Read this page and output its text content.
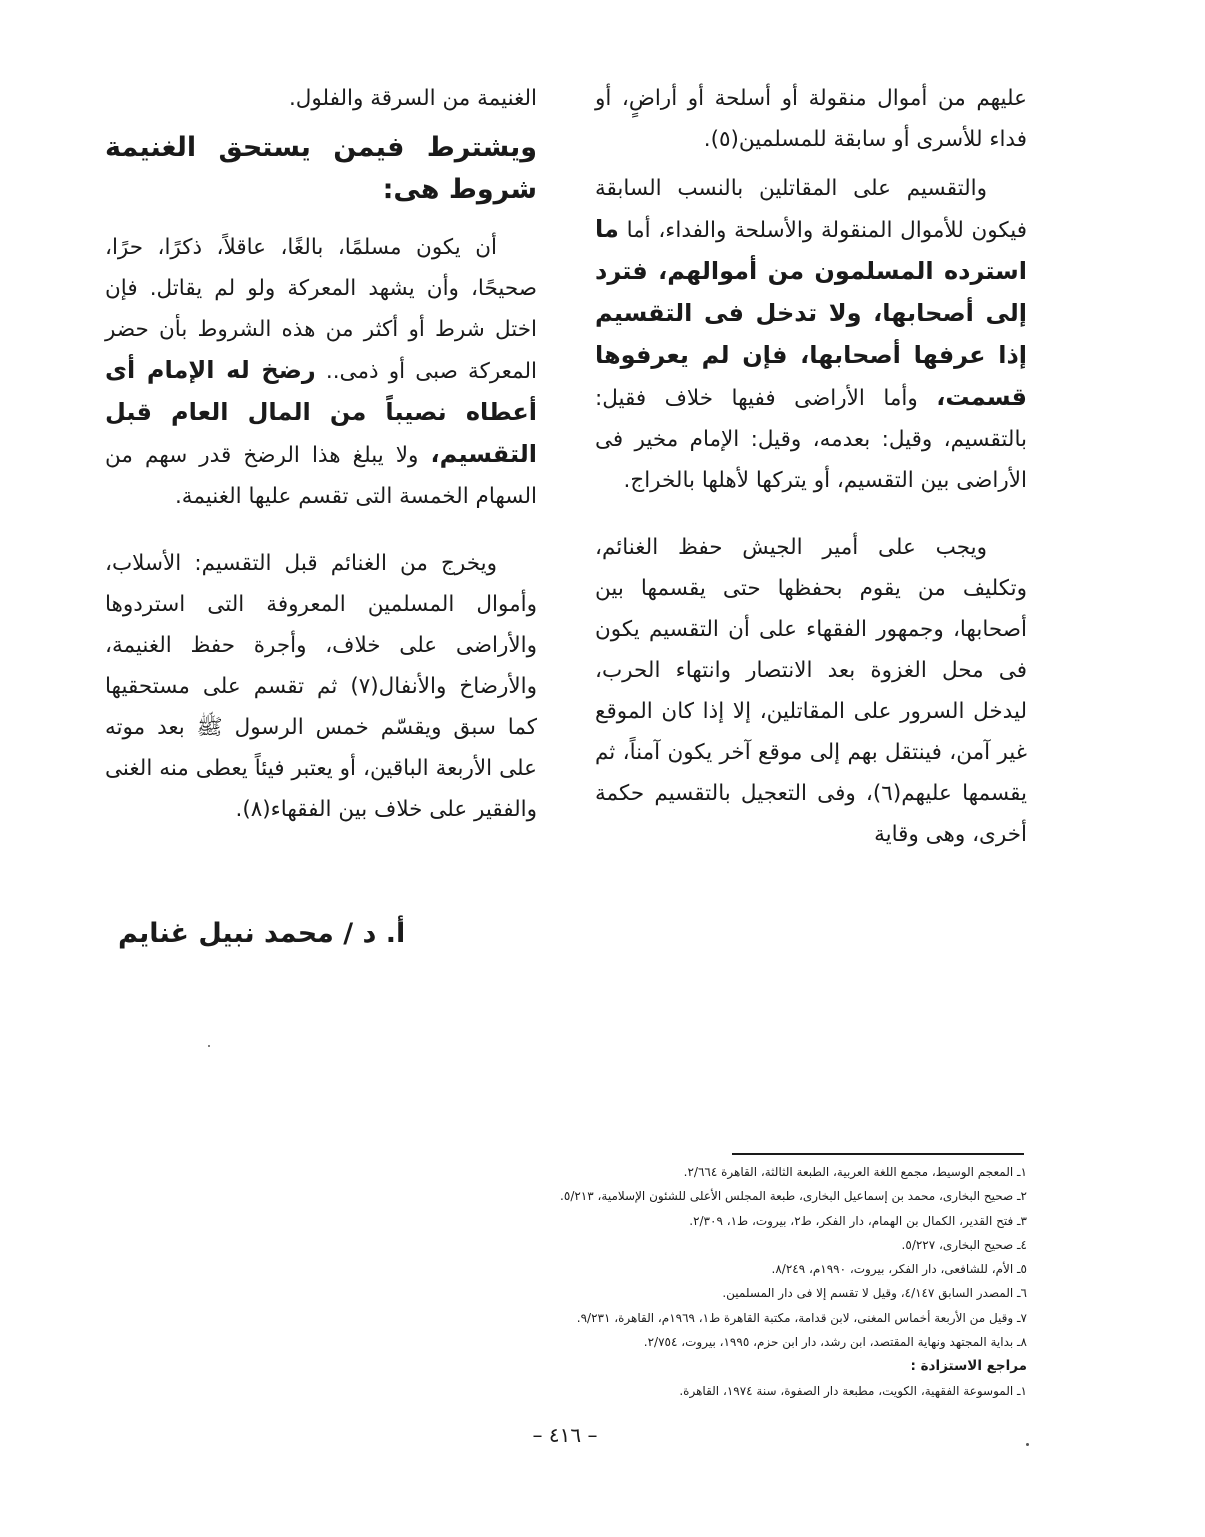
عليهم من أموال منقولة أو أسلحة أو أراضٍ، أو فداء للأسرى أو سابقة للمسلمين(٥).

والتقسيم على المقاتلين بالنسب السابقة فيكون للأموال المنقولة والأسلحة والفداء، أما ما استرده المسلمون من أموالهم، فترد إلى أصحابها، ولا تدخل فى التقسيم إذا عرفها أصحابها، فإن لم يعرفوها قسمت، وأما الأراضى ففيها خلاف فقيل: بالتقسيم، وقيل: بعدمه، وقيل: الإمام مخير فى الأراضى بين التقسيم، أو يتركها لأهلها بالخراج.

ويجب على أمير الجيش حفظ الغنائم، وتكليف من يقوم بحفظها حتى يقسمها بين أصحابها، وجمهور الفقهاء على أن التقسيم يكون فى محل الغزوة بعد الانتصار وانتهاء الحرب، ليدخل السرور على المقاتلين، إلا إذا كان الموقع غير آمن، فينتقل بهم إلى موقع آخر يكون آمناً، ثم يقسمها عليهم(٦)، وفى التعجيل بالتقسيم حكمة أخرى، وهى وقاية

الغنيمة من السرقة والفلول.

ويشترط فيمن يستحق الغنيمة شروط هى:

أن يكون مسلمًا، بالغًا، عاقلاً، ذكرًا، حرًا، صحيحًا، وأن يشهد المعركة ولو لم يقاتل. فإن اختل شرط أو أكثر من هذه الشروط بأن حضر المعركة صبى أو ذمى.. رضخ له الإمام أى أعطاه نصيباً من المال العام قبل التقسيم، ولا يبلغ هذا الرضخ قدر سهم من السهام الخمسة التى تقسم عليها الغنيمة.

ويخرج من الغنائم قبل التقسيم: الأسلاب، وأموال المسلمين المعروفة التى استردوها والأراضى على خلاف، وأجرة حفظ الغنيمة، والأرضاخ والأنفال(٧) ثم تقسم على مستحقيها كما سبق ويقسّم خمس الرسول ﷺ بعد موته على الأربعة الباقين، أو يعتبر فيئاً يعطى منه الغنى والفقير على خلاف بين الفقهاء(٨).

أ. د / محمد نبيل غنايم
١ـ المعجم الوسيط، مجمع اللغة العربية، الطبعة الثالثة، القاهرة ٢/٦٦٤.
٢ـ صحيح البخارى، محمد بن إسماعيل البخارى، طبعة المجلس الأعلى للشئون الإسلامية، ٥/٢١٣.
٣ـ فتح القدير، الكمال بن الهمام، دار الفكر، ط٢، بيروت، ط١، ٢/٣٠٩.
٤ـ صحيح البخارى، ٥/٢٢٧.
٥ـ الأم، للشافعى، دار الفكر، بيروت، ١٩٩٠م، ٨/٢٤٩.
٦ـ المصدر السابق ٤/١٤٧، وقيل لا تقسم إلا فى دار المسلمين.
٧ـ وقيل من الأربعة أخماس المغنى، لابن قدامة، مكتبة القاهرة ط١، ١٩٦٩م، القاهرة، ٩/٢٣١.
٨ـ بداية المجتهد ونهاية المقتصد، ابن رشد، دار ابن حزم، ١٩٩٥، بيروت، ٢/٧٥٤.
مراجع الاستزادة :
١ـ الموسوعة الفقهية، الكويت، مطبعة دار الصفوة، سنة ١٩٧٤، القاهرة.
– ٤١٦ –
